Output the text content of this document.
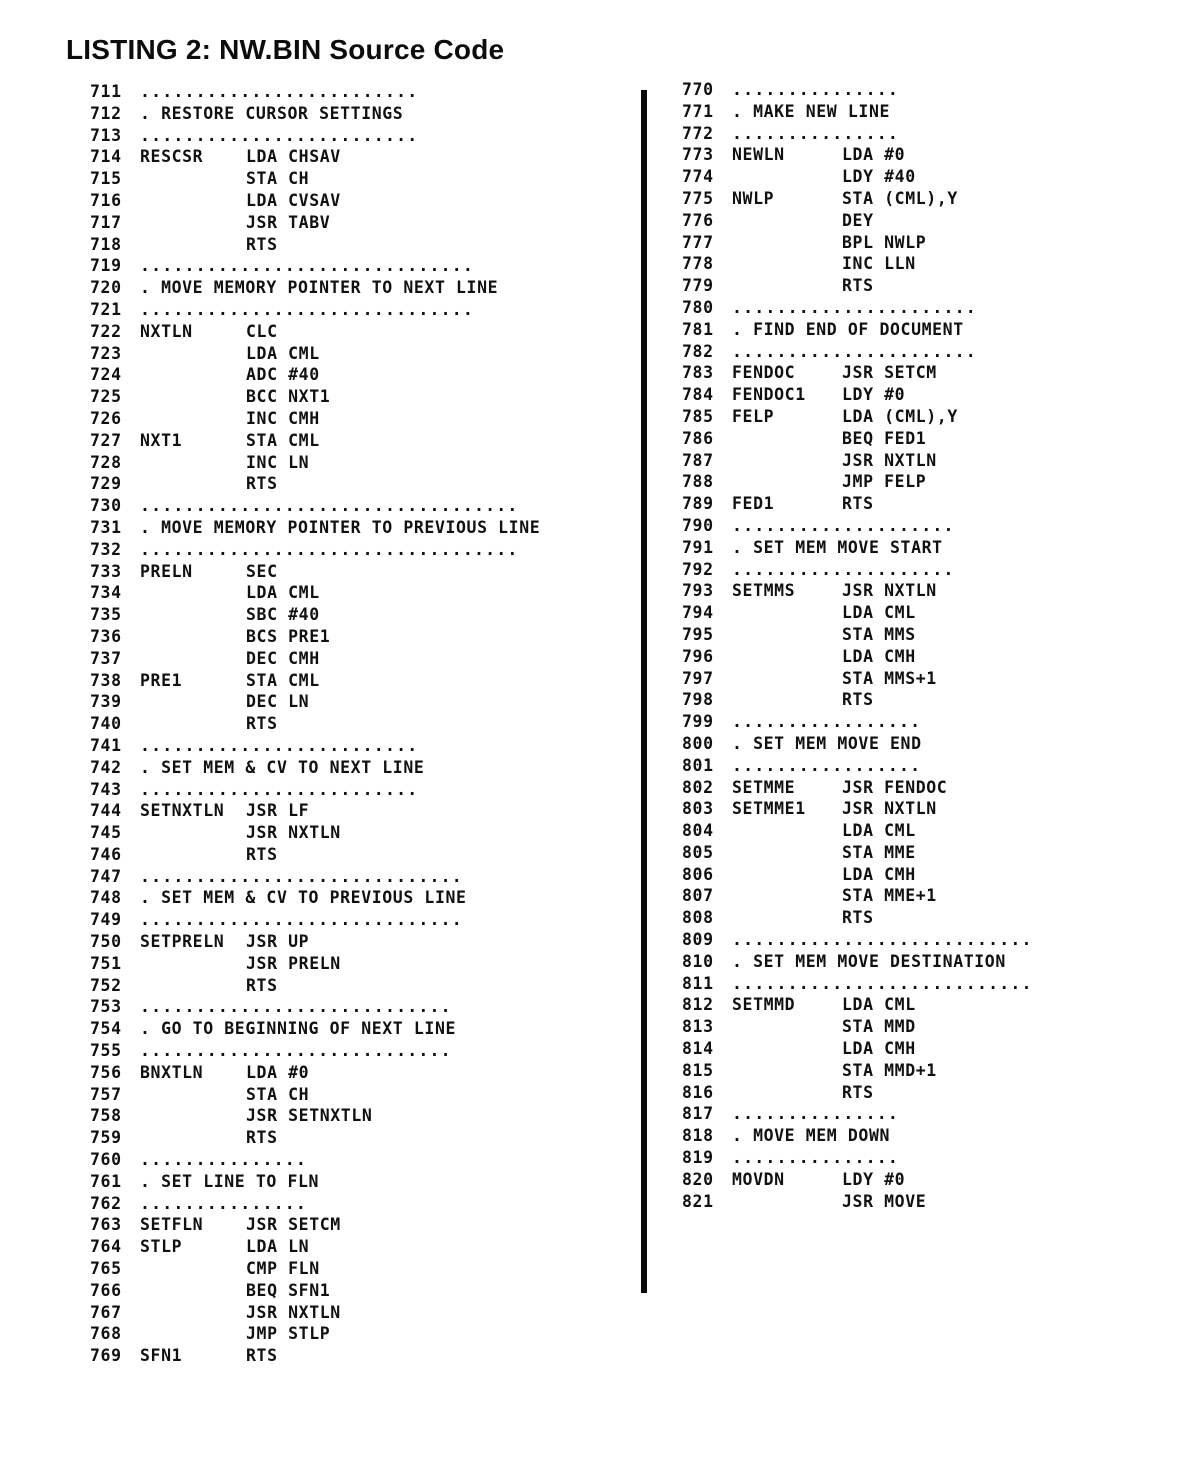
LISTING 2: NW.BIN Source Code
711 .........................
712 . RESTORE CURSOR SETTINGS
713 .........................
714 RESCSR	LDA CHSAV
715	STA CH
716	LDA CVSAV
717	JSR TABV
718	RTS
719 ..............................
720 . MOVE MEMORY POINTER TO NEXT LINE
721 ..............................
722 NXTLN	CLC
723	LDA CML
724	ADC #40
725	BCC NXT1
726	INC CMH
727 NXT1	STA CML
728	INC LN
729	RTS
730 ..................................
731 . MOVE MEMORY POINTER TO PREVIOUS LINE
732 ..................................
733 PRELN	SEC
734	LDA CML
735	SBC #40
736	BCS PRE1
737	DEC CMH
738 PRE1	STA CML
739	DEC LN
740	RTS
741 .........................
742 . SET MEM & CV TO NEXT LINE
743 .........................
744 SETNXTLN JSR LF
745	JSR NXTLN
746	RTS
747 .............................
748 . SET MEM & CV TO PREVIOUS LINE
749 .............................
750 SETPRELN JSR UP
751	JSR PRELN
752	RTS
753 ............................
754 . GO TO BEGINNING OF NEXT LINE
755 ............................
756 BNXTLN	LDA #0
757	STA CH
758	JSR SETNXTLN
759	RTS
760 ...............
761 . SET LINE TO FLN
762 ...............
763 SETFLN	JSR SETCM
764 STLP	LDA LN
765	CMP FLN
766	BEQ SFN1
767	JSR NXTLN
768	JMP STLP
769 SFN1	RTS
770 ...............
771 . MAKE NEW LINE
772 ...............
773 NEWLN	LDA #0
774	LDY #40
775 NWLP	STA (CML),Y
776	DEY
777	BPL NWLP
778	INC LLN
779	RTS
780 ......................
781 . FIND END OF DOCUMENT
782 ......................
783 FENDOC	JSR SETCM
784 FENDOC1 LDY #0
785 FELP	LDA (CML),Y
786	BEQ FED1
787	JSR NXTLN
788	JMP FELP
789 FED1	RTS
790 ....................
791 . SET MEM MOVE START
792 ....................
793 SETMMS	JSR NXTLN
794	LDA CML
795	STA MMS
796	LDA CMH
797	STA MMS+1
798	RTS
799 .................
800 . SET MEM MOVE END
801 .................
802 SETMME	JSR FENDOC
803 SETMME1 JSR NXTLN
804	LDA CML
805	STA MME
806	LDA CMH
807	STA MME+1
808	RTS
809 ...........................
810 . SET MEM MOVE DESTINATION
811 ...........................
812 SETMMD	LDA CML
813	STA MMD
814	LDA CMH
815	STA MMD+1
816	RTS
817 ...............
818 . MOVE MEM DOWN
819 ...............
820 MOVDN	LDY #0
821	JSR MOVE
